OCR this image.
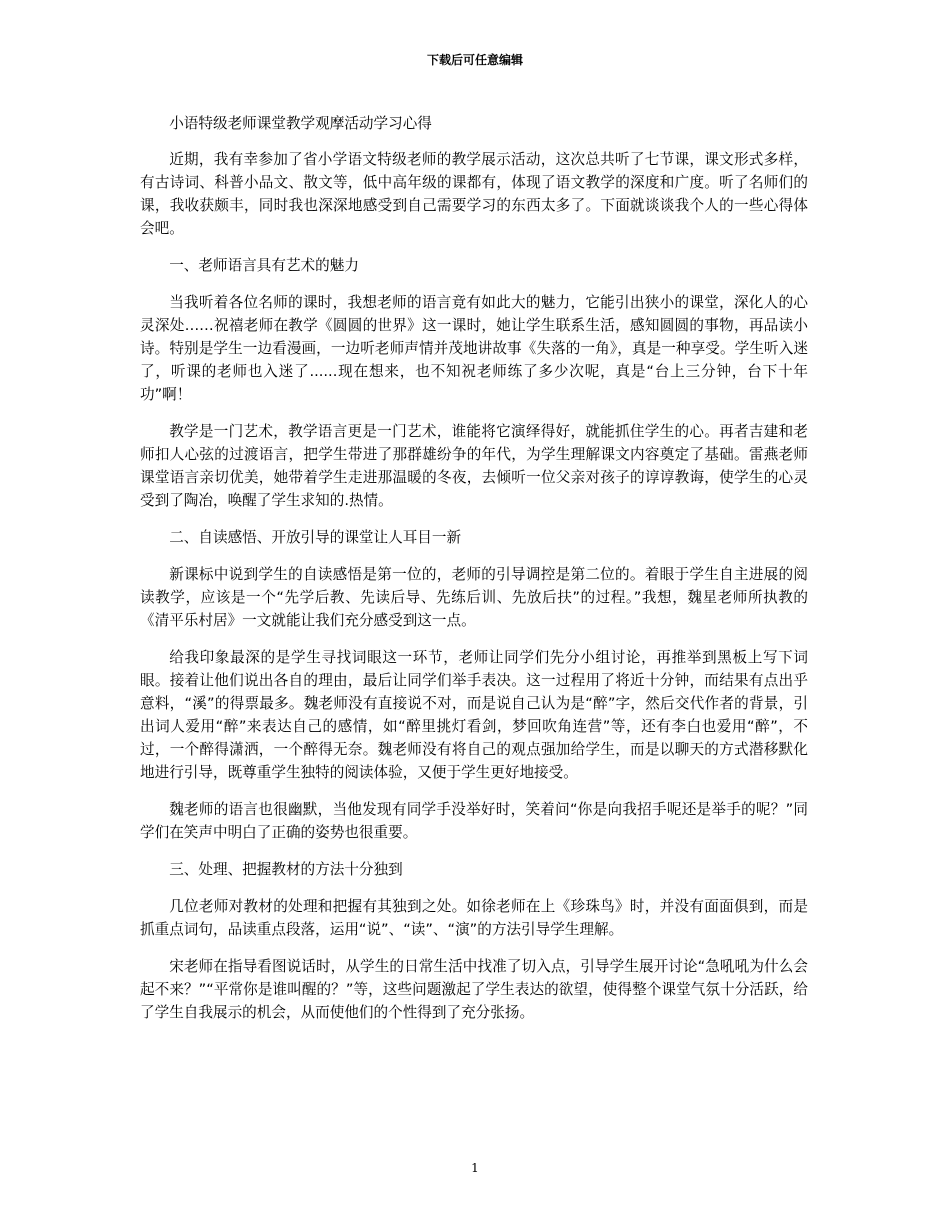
下载后可任意编辑

小语特级老师课堂教学观摩活动学习心得

近期，我有幸参加了省小学语文特级老师的教学展示活动，这次总共听了七节课，课文形式多样，有古诗词、科普小品文、散文等，低中高年级的课都有，体现了语文教学的深度和广度。听了名师们的课，我收获颇丰，同时我也深深地感受到自己需要学习的东西太多了。下面就谈谈我个人的一些心得体会吧。

一、老师语言具有艺术的魅力

当我听着各位名师的课时，我想老师的语言竟有如此大的魅力，它能引出狭小的课堂，深化人的心灵深处……祝禧老师在教学《圆圆的世界》这一课时，她让学生联系生活，感知圆圆的事物，再品读小诗。特别是学生一边看漫画，一边听老师声情并茂地讲故事《失落的一角》，真是一种享受。学生听入迷了，听课的老师也入迷了......现在想来，也不知祝老师练了多少次呢，真是“台上三分钟，台下十年功”啊！

教学是一门艺术，教学语言更是一门艺术，谁能将它演绎得好，就能抓住学生的心。再者吉建和老师扣人心弦的过渡语言，把学生带进了那群雄纷争的年代，为学生理解课文内容奠定了基础。雷燕老师课堂语言亲切优美，她带着学生走进那温暖的冬夜，去倾听一位父亲对孩子的谆谆教诲，使学生的心灵受到了陶冶，唤醒了学生求知的.热情。

二、自读感悟、开放引导的课堂让人耳目一新

新课标中说到学生的自读感悟是第一位的，老师的引导调控是第二位的。着眼于学生自主进展的阅读教学，应该是一个“先学后教、先读后导、先练后训、先放后扶”的过程。”我想，魏星老师所执教的《清平乐村居》一文就能让我们充分感受到这一点。

给我印象最深的是学生寻找词眼这一环节，老师让同学们先分小组讨论，再推举到黑板上写下词眼。接着让他们说出各自的理由，最后让同学们举手表决。这一过程用了将近十分钟，而结果有点出乎意料，“溪”的得票最多。魏老师没有直接说不对，而是说自己认为是“醉”字，然后交代作者的背景，引出词人爱用“醉”来表达自己的感情，如“醉里挑灯看剑，梦回吹角连营”等，还有李白也爱用“醉”，不过，一个醉得潇洒，一个醉得无奈。魏老师没有将自己的观点强加给学生，而是以聊天的方式潜移默化地进行引导，既尊重学生独特的阅读体验，又便于学生更好地接受。

魏老师的语言也很幽默，当他发现有同学手没举好时，笑着问“你是向我招手呢还是举手的呢？”同学们在笑声中明白了正确的姿势也很重要。

三、处理、把握教材的方法十分独到

几位老师对教材的处理和把握有其独到之处。如徐老师在上《珍珠鸟》时，并没有面面俱到，而是抓重点词句，品读重点段落，运用“说”、“读”、“演”的方法引导学生理解。

宋老师在指导看图说话时，从学生的日常生活中找准了切入点，引导学生展开讨论“急吼吼为什么会起不来？”“平常你是谁叫醒的？”等，这些问题激起了学生表达的欲望，使得整个课堂气氛十分活跃，给了学生自我展示的机会，从而使他们的个性得到了充分张扬。

1
